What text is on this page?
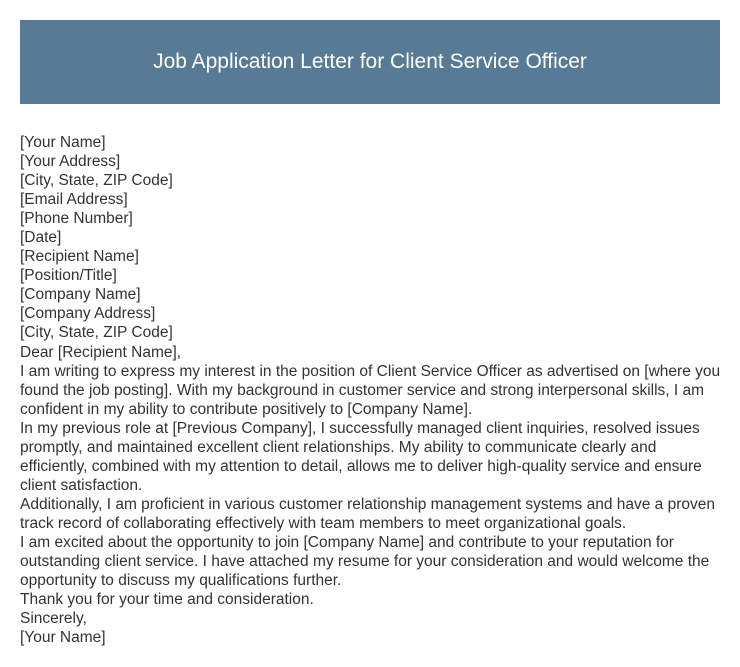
Job Application Letter for Client Service Officer

[Your Name]

[Your Address]

[City, State, ZIP Code]

[Email Address]

[Phone Number]

[Date]

[Recipient Name]

[Position/Title]

[Company Name]

[Company Address]

[City, State, ZIP Code]

Dear [Recipient Name],

I am writing to express my interest in the position of Client Service Officer as advertised on [where you found the job posting]. With my background in customer service and strong interpersonal skills, I am confident in my ability to contribute positively to [Company Name].

In my previous role at [Previous Company], I successfully managed client inquiries, resolved issues promptly, and maintained excellent client relationships. My ability to communicate clearly and efficiently, combined with my attention to detail, allows me to deliver high-quality service and ensure client satisfaction.

Additionally, I am proficient in various customer relationship management systems and have a proven track record of collaborating effectively with team members to meet organizational goals.

I am excited about the opportunity to join [Company Name] and contribute to your reputation for outstanding client service. I have attached my resume for your consideration and would welcome the opportunity to discuss my qualifications further.

Thank you for your time and consideration.

Sincerely,

[Your Name]
